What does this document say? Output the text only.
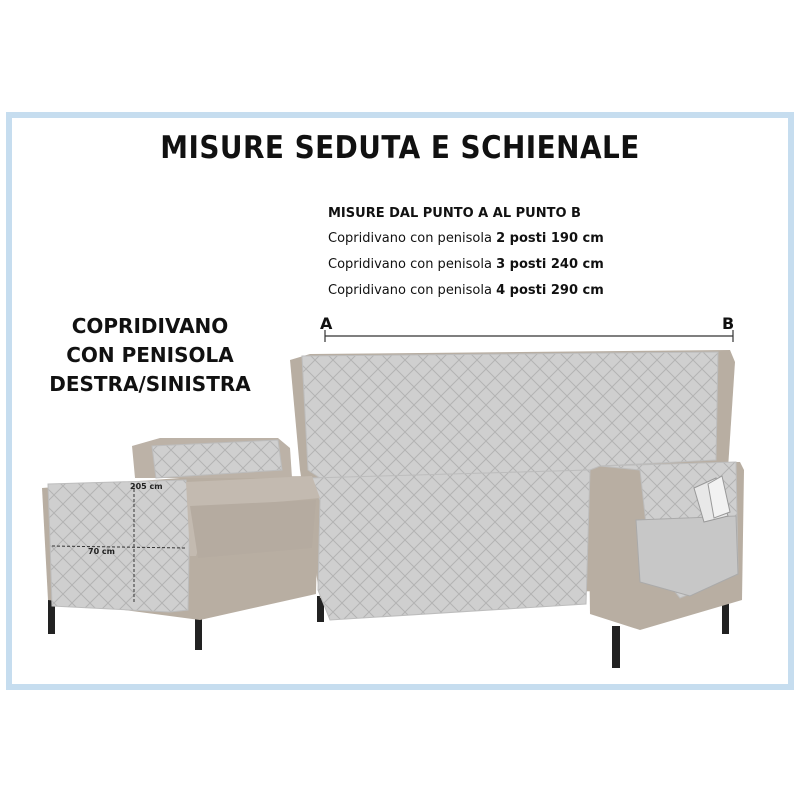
MISURE SEDUTA E SCHIENALE
MISURE DAL PUNTO A AL PUNTO B
Copridivano con penisola 2 posti 190 cm
Copridivano con penisola 3 posti 240 cm
Copridivano con penisola 4 posti 290 cm
COPRIDIVANO
CON PENISOLA
DESTRA/SINISTRA
A	B
205 cm
70 cm
